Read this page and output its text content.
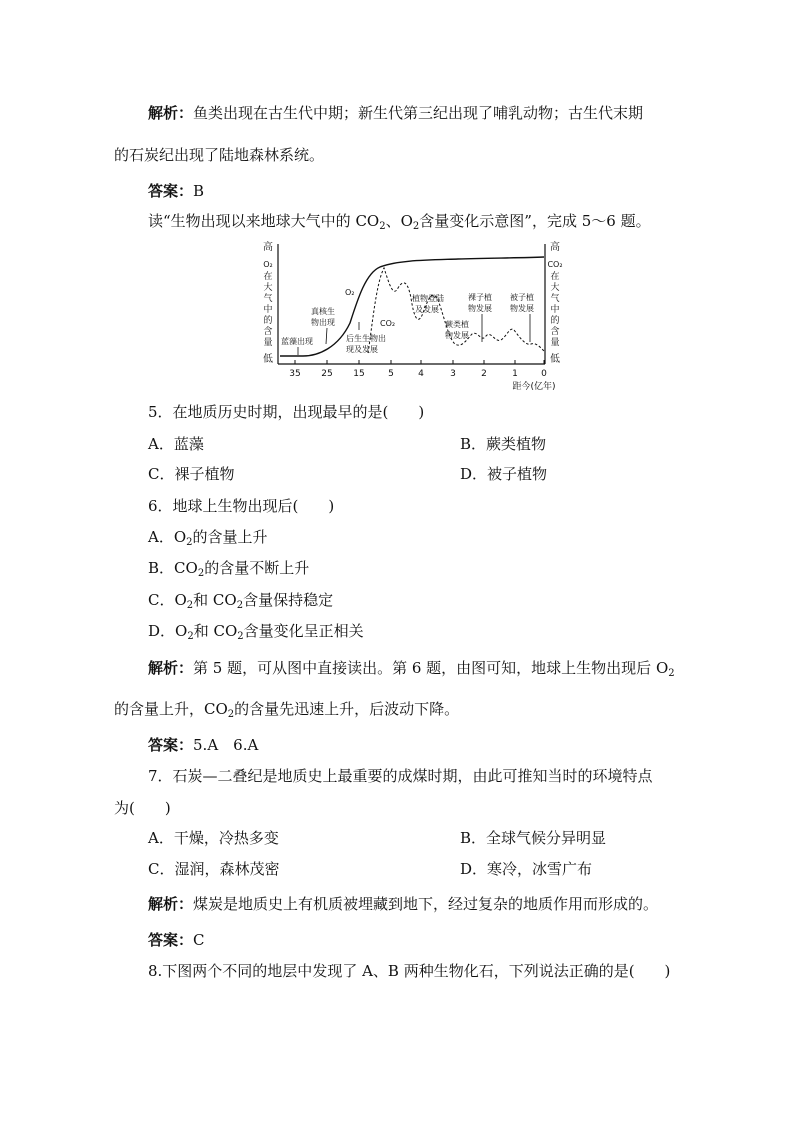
解析：鱼类出现在古生代中期；新生代第三纪出现了哺乳动物；古生代末期
的石炭纪出现了陆地森林系统。
答案：B
读“生物出现以来地球大气中的 $CO_2$、$O_2$含量变化示意图”，完成 5～6 题。
高
O₂
在
大
气
中
的
含
量
低
高
CO₂
在
大
气
中
的
含
量
低
35 25 15	5	4	3	2	1	0
距今(亿年)
O₂
CO₂
蓝藻出现
真核生
物出现
后生生物出
现及发展
植物登陆
及发展
蕨类植
物发展
裸子植
物发展
被子植
物发展
5．在地质历史时期，出现最早的是(　　)
A．蓝藻	B．蕨类植物
C．裸子植物	D．被子植物
6．地球上生物出现后(　　)
A．$O_2$的含量上升
B．$CO_2$的含量不断上升
C．$O_2$和 $CO_2$含量保持稳定
D．$O_2$和 $CO_2$含量变化呈正相关
解析：第 5 题，可从图中直接读出。第 6 题，由图可知，地球上生物出现后 $O_2$
的含量上升，$CO_2$的含量先迅速上升，后波动下降。
答案：5.A　6.A
7．石炭—二叠纪是地质史上最重要的成煤时期，由此可推知当时的环境特点
为(　　)
A．干燥，冷热多变	B．全球气候分异明显
C．湿润，森林茂密	D．寒冷，冰雪广布
解析：煤炭是地质史上有机质被埋藏到地下，经过复杂的地质作用而形成的。
答案：C
8.下图两个不同的地层中发现了 A、B 两种生物化石，下列说法正确的是(　　)
